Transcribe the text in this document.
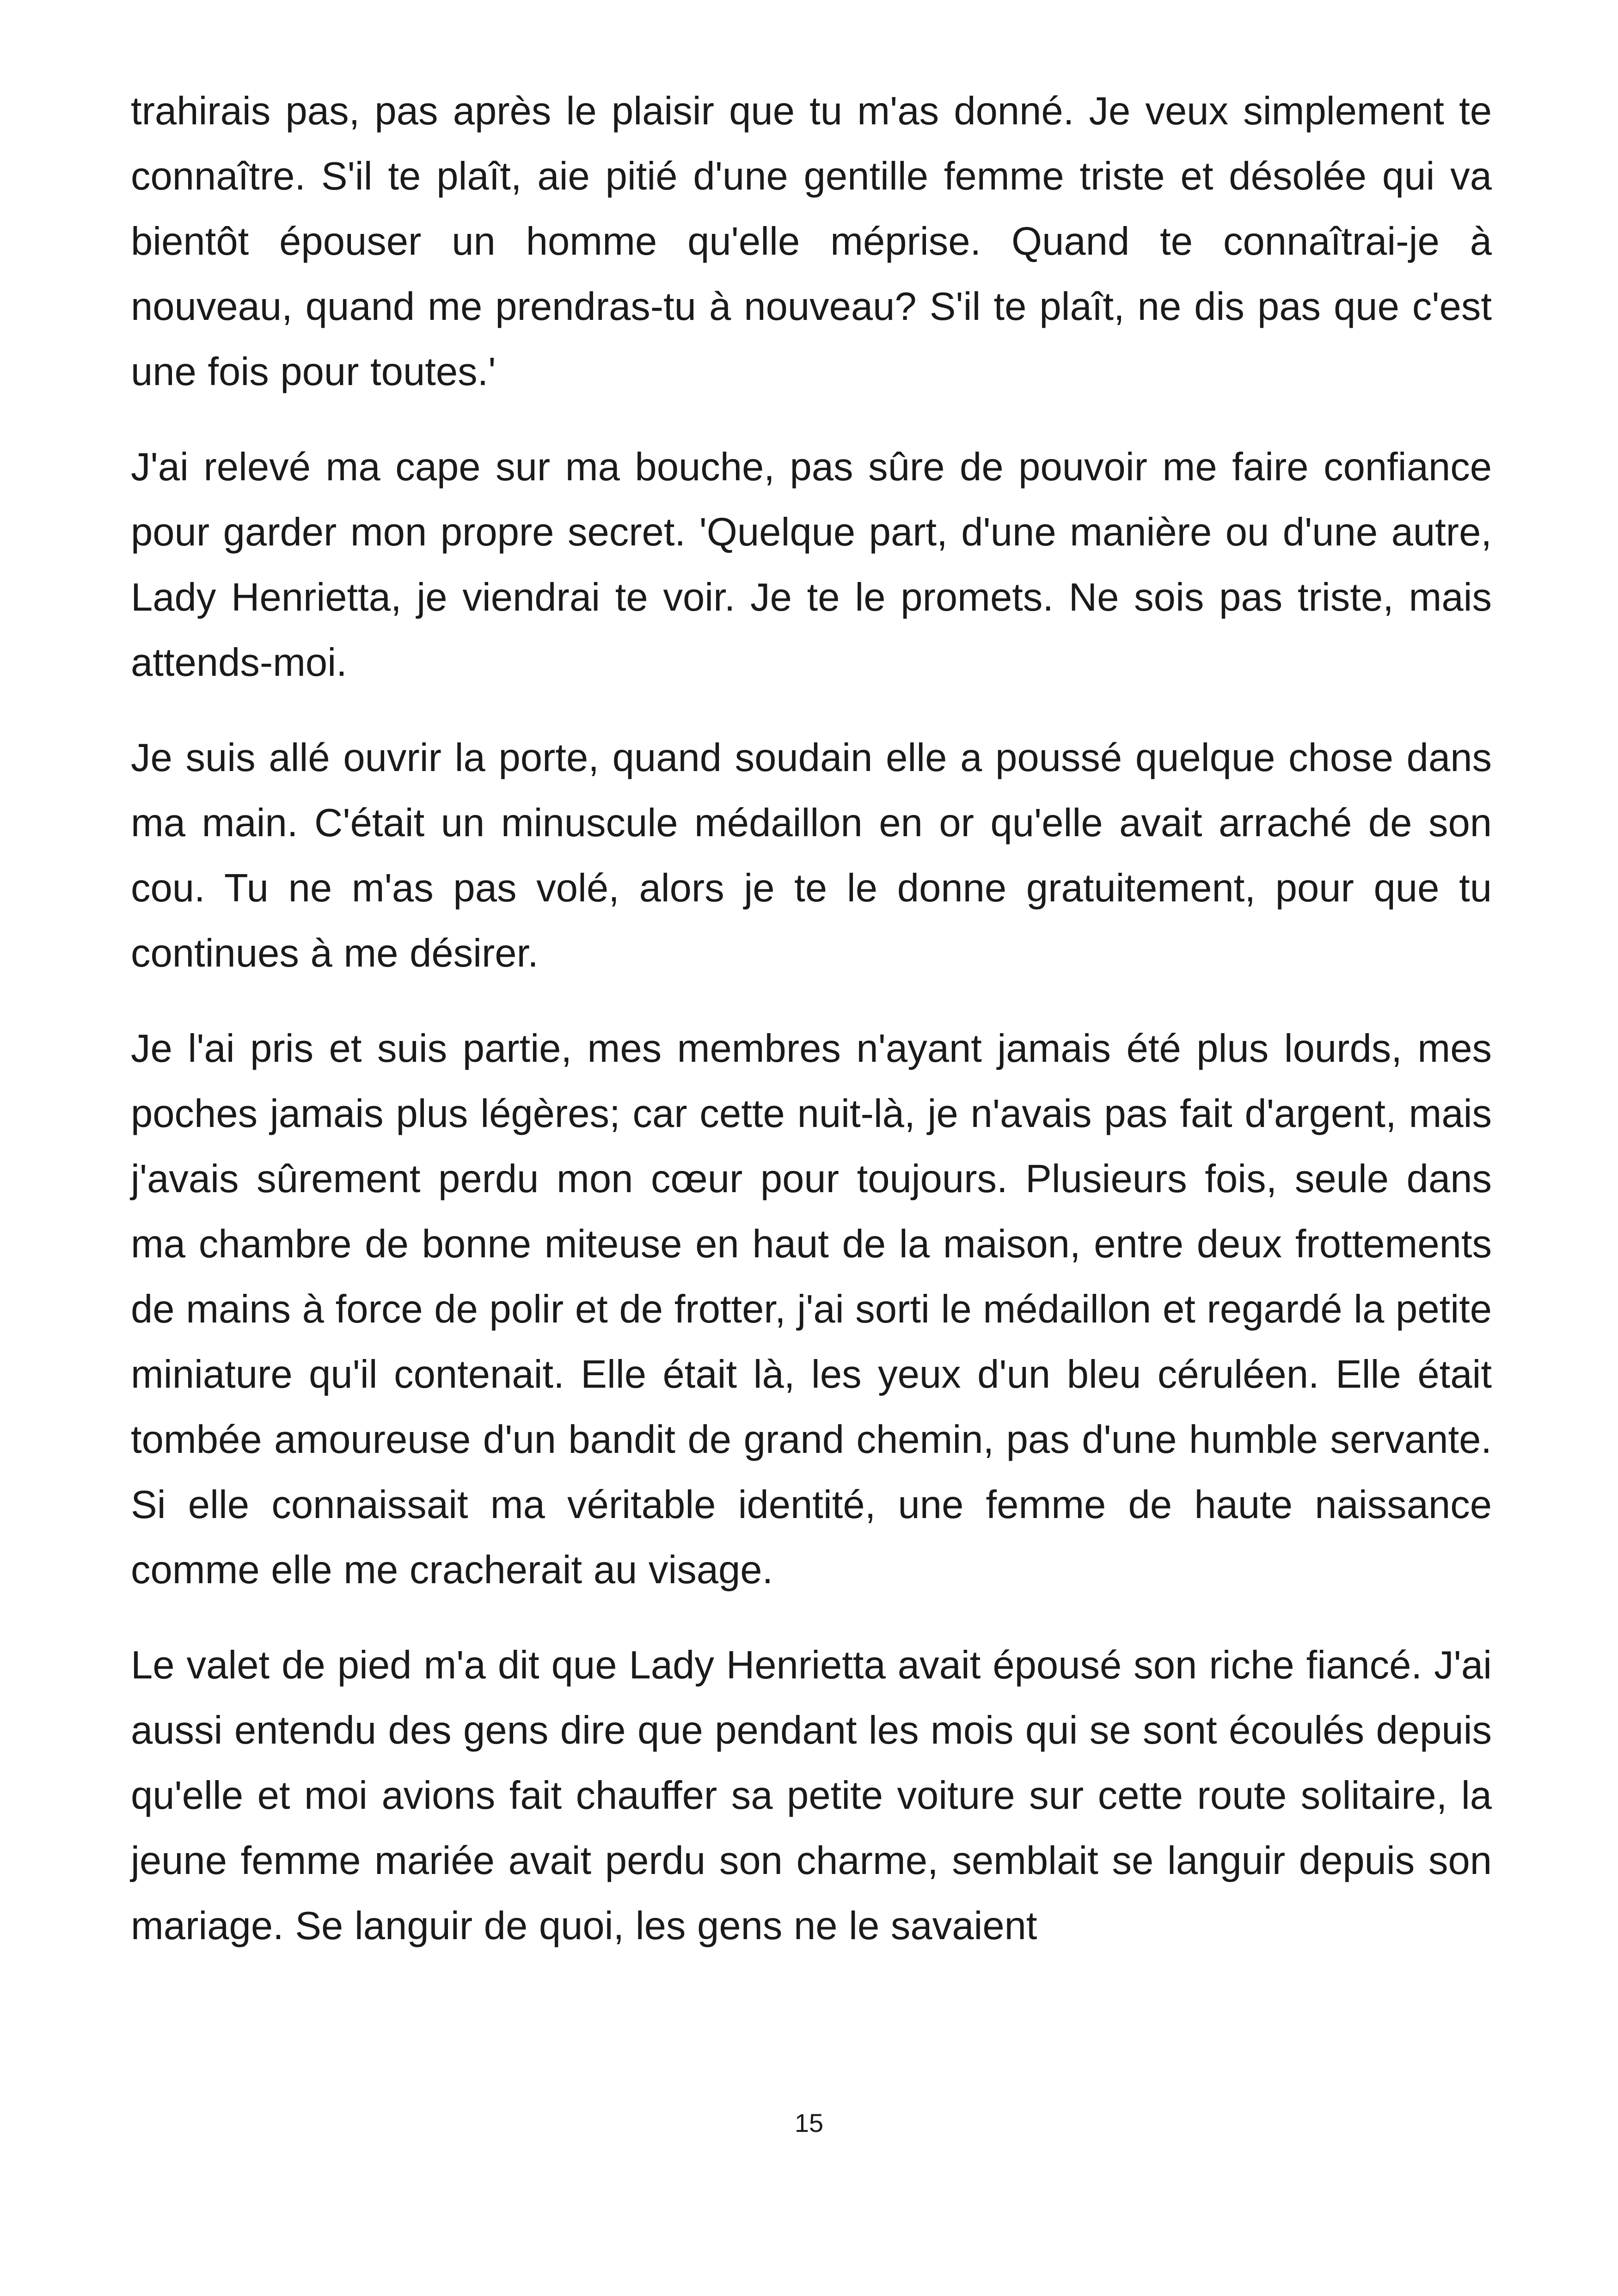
trahirais pas, pas après le plaisir que tu m'as donné. Je veux simplement te connaître. S'il te plaît, aie pitié d'une gentille femme triste et désolée qui va bientôt épouser un homme qu'elle méprise. Quand te connaîtrai-je à nouveau, quand me prendras-tu à nouveau? S'il te plaît, ne dis pas que c'est une fois pour toutes.'

J'ai relevé ma cape sur ma bouche, pas sûre de pouvoir me faire confiance pour garder mon propre secret. 'Quelque part, d'une manière ou d'une autre, Lady Henrietta, je viendrai te voir. Je te le promets. Ne sois pas triste, mais attends-moi.

Je suis allé ouvrir la porte, quand soudain elle a poussé quelque chose dans ma main. C'était un minuscule médaillon en or qu'elle avait arraché de son cou. Tu ne m'as pas volé, alors je te le donne gratuitement, pour que tu continues à me désirer.

Je l'ai pris et suis partie, mes membres n'ayant jamais été plus lourds, mes poches jamais plus légères; car cette nuit-là, je n'avais pas fait d'argent, mais j'avais sûrement perdu mon cœur pour toujours. Plusieurs fois, seule dans ma chambre de bonne miteuse en haut de la maison, entre deux frottements de mains à force de polir et de frotter, j'ai sorti le médaillon et regardé la petite miniature qu'il contenait. Elle était là, les yeux d'un bleu céruléen. Elle était tombée amoureuse d'un bandit de grand chemin, pas d'une humble servante. Si elle connaissait ma véritable identité, une femme de haute naissance comme elle me cracherait au visage.

Le valet de pied m'a dit que Lady Henrietta avait épousé son riche fiancé. J'ai aussi entendu des gens dire que pendant les mois qui se sont écoulés depuis qu'elle et moi avions fait chauffer sa petite voiture sur cette route solitaire, la jeune femme mariée avait perdu son charme, semblait se languir depuis son mariage. Se languir de quoi, les gens ne le savaient

15
